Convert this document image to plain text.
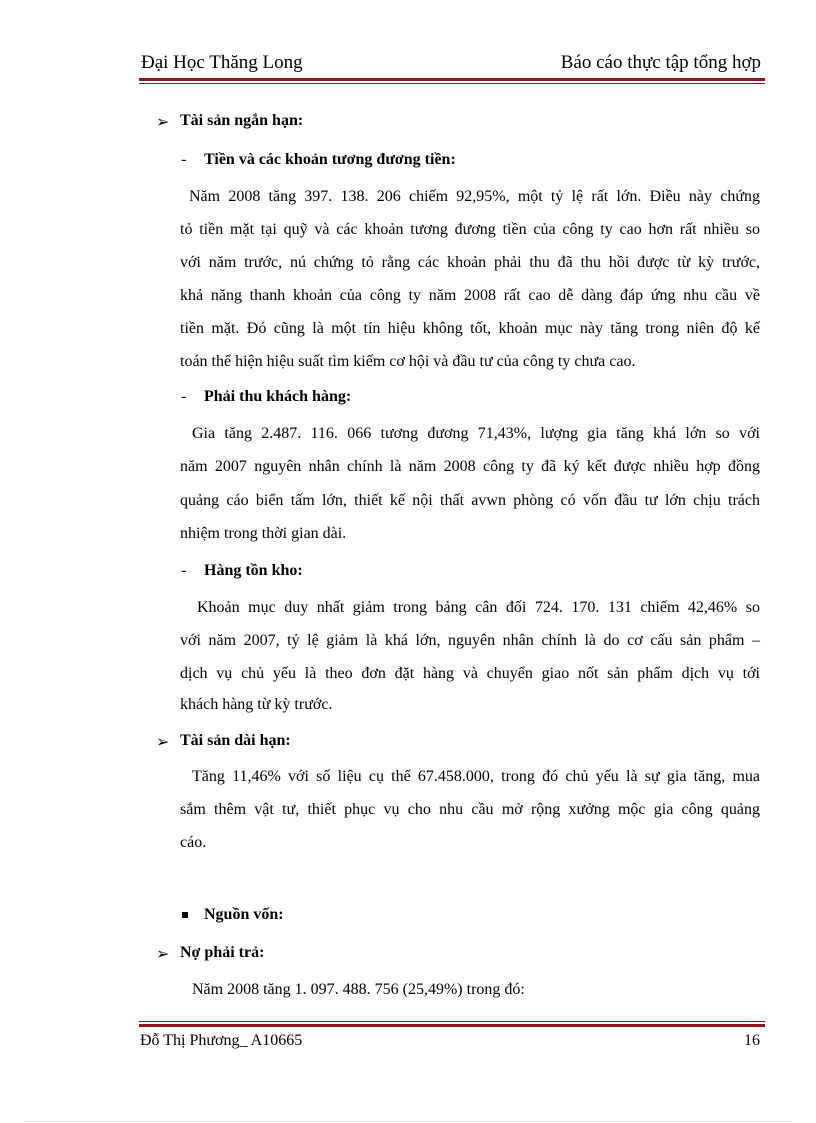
Đại Học Thăng Long	Báo cáo thực tập tổng hợp
➢ Tài sản ngắn hạn:
- Tiền và các khoản tương đương tiền:
Năm 2008 tăng 397. 138. 206 chiếm 92,95%, một tỷ lệ rất lớn. Điều này chứng
tỏ tiền mặt tại quỹ và các khoản tương đương tiền của công ty cao hơn rất nhiều so
với năm trước, nú chứng tỏ rằng các khoản phải thu đã thu hồi được từ kỳ trước,
khả năng thanh khoản của công ty năm 2008 rất cao dễ dàng đáp ứng nhu cầu về
tiền mặt. Đó cũng là một tín hiệu không tốt, khoản mục này tăng trong niên độ kế
toán thể hiện hiệu suất tìm kiếm cơ hội và đầu tư của công ty chưa cao.
- Phải thu khách hàng:
Gia tăng 2.487. 116. 066 tương đương 71,43%, lượng gia tăng khá lớn so với
năm 2007 nguyên nhân chính là năm 2008 công ty đã ký kết được nhiều hợp đồng
quảng cáo biển tấm lớn, thiết kế nội thất avwn phòng có vốn đầu tư lớn chịu trách
nhiệm trong thời gian dài.
- Hàng tồn kho:
Khoản mục duy nhất giảm trong bảng cân đối 724. 170. 131 chiếm 42,46% so
với năm 2007, tỷ lệ giảm là khá lớn, nguyên nhân chính là do cơ cấu sản phẩm –
dịch vụ chủ yếu là theo đơn đặt hàng và chuyển giao nốt sản phẩm dịch vụ tới
khách hàng từ kỳ trước.
➢ Tài sản dài hạn:
Tăng 11,46% với số liệu cụ thể 67.458.000, trong đó chủ yếu là sự gia tăng, mua
sắm thêm vật tư, thiết phục vụ cho nhu cầu mở rộng xưởng mộc gia công quảng
cáo.
Nguồn vốn:
➢ Nợ phải trả:
Năm 2008 tăng 1. 097. 488. 756 (25,49%) trong đó:
Đỗ Thị Phương_ A10665	16
